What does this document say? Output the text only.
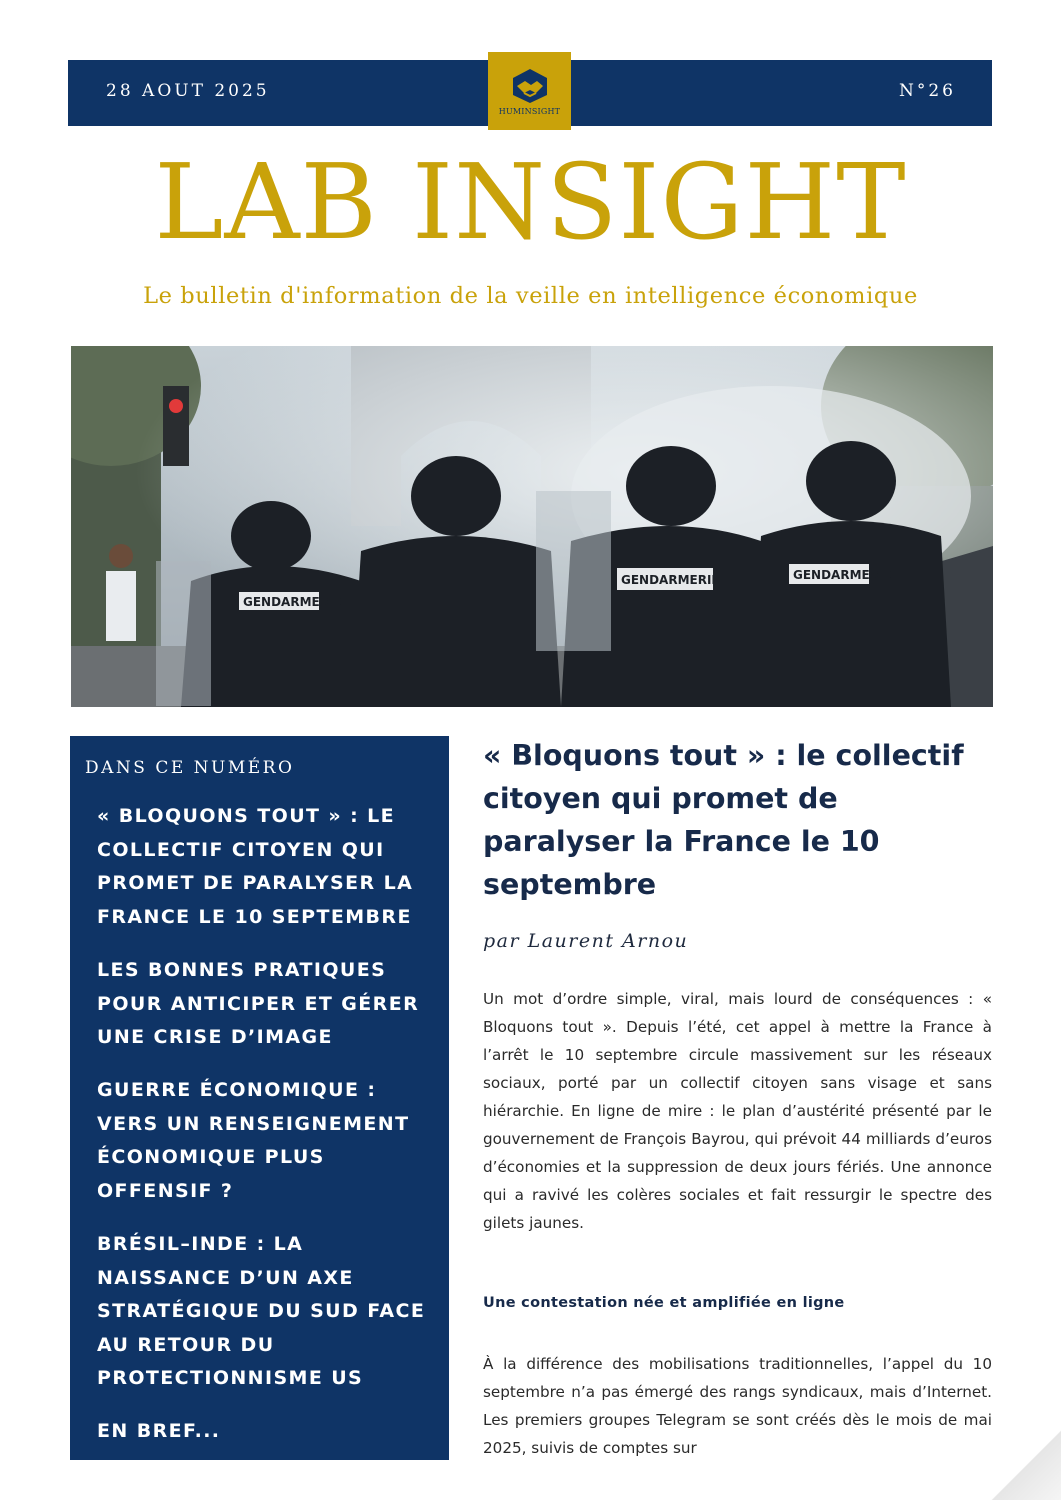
28 AOUT 2025	N°26
HUMINSIGHT
LAB INSIGHT
Le bulletin d'information de la veille en intelligence économique
GENDARMERIE
GENDARMERIE	GENDARMERIE
DANS CE NUMÉRO
« BLOQUONS TOUT » : LE COLLECTIF CITOYEN QUI PROMET DE PARALYSER LA FRANCE LE 10 SEPTEMBRE
LES BONNES PRATIQUES POUR ANTICIPER ET GÉRER UNE CRISE D’IMAGE
GUERRE ÉCONOMIQUE : VERS UN RENSEIGNEMENT ÉCONOMIQUE PLUS OFFENSIF ?
BRÉSIL–INDE : LA NAISSANCE D’UN AXE STRATÉGIQUE DU SUD FACE AU RETOUR DU PROTECTIONNISME US
EN BREF...
« Bloquons tout » : le collectif citoyen qui promet de paralyser la France le 10 septembre
par Laurent Arnou
Un mot d’ordre simple, viral, mais lourd de conséquences : « Bloquons tout ». Depuis l’été, cet appel à mettre la France à l’arrêt le 10 septembre circule massivement sur les réseaux sociaux, porté par un collectif citoyen sans visage et sans hiérarchie. En ligne de mire : le plan d’austérité présenté par le gouvernement de François Bayrou, qui prévoit 44 milliards d’euros d’économies et la suppression de deux jours fériés. Une annonce qui a ravivé les colères sociales et fait ressurgir le spectre des gilets jaunes.
Une contestation née et amplifiée en ligne
À la différence des mobilisations traditionnelles, l’appel du 10 septembre n’a pas émergé des rangs syndicaux, mais d’Internet. Les premiers groupes Telegram se sont créés dès le mois de mai 2025, suivis de comptes sur
